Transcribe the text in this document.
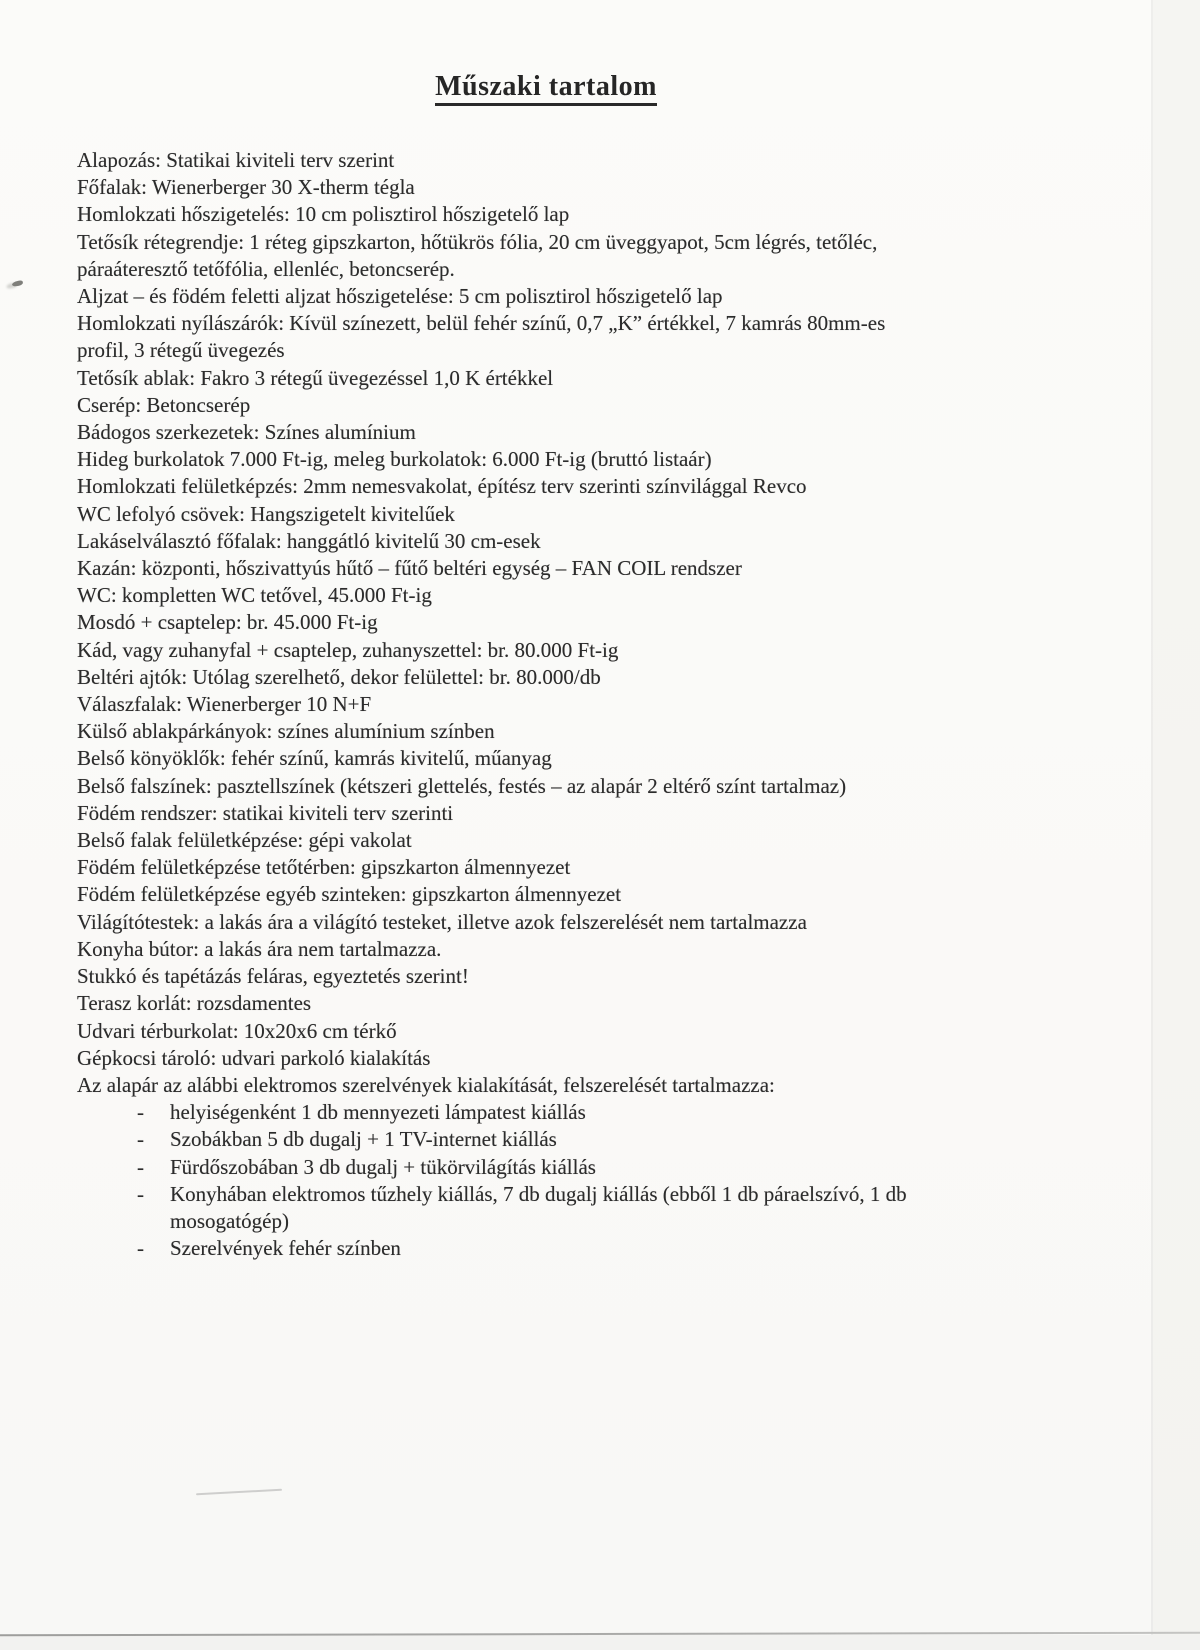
Műszaki tartalom
Alapozás: Statikai kiviteli terv szerint
Főfalak: Wienerberger 30 X-therm tégla
Homlokzati hőszigetelés: 10 cm polisztirol hőszigetelő lap
Tetősík rétegrendje: 1 réteg gipszkarton, hőtükrös fólia, 20 cm üveggyapot, 5cm légrés, tetőléc,
páraáteresztő tetőfólia, ellenléc, betoncserép.
Aljzat – és födém feletti aljzat hőszigetelése: 5 cm polisztirol hőszigetelő lap
Homlokzati nyílászárók: Kívül színezett, belül fehér színű, 0,7 „K” értékkel, 7 kamrás 80mm-es
profil, 3 rétegű üvegezés
Tetősík ablak: Fakro 3 rétegű üvegezéssel 1,0 K értékkel
Cserép: Betoncserép
Bádogos szerkezetek: Színes alumínium
Hideg burkolatok 7.000 Ft-ig, meleg burkolatok: 6.000 Ft-ig (bruttó listaár)
Homlokzati felületképzés: 2mm nemesvakolat, építész terv szerinti színvilággal Revco
WC lefolyó csövek: Hangszigetelt kivitelűek
Lakáselválasztó főfalak: hanggátló kivitelű 30 cm-esek
Kazán: központi, hőszivattyús hűtő – fűtő beltéri egység – FAN COIL rendszer
WC: kompletten WC tetővel, 45.000 Ft-ig
Mosdó + csaptelep: br. 45.000 Ft-ig
Kád, vagy zuhanyfal + csaptelep, zuhanyszettel: br. 80.000 Ft-ig
Beltéri ajtók: Utólag szerelhető, dekor felülettel: br. 80.000/db
Válaszfalak: Wienerberger 10 N+F
Külső ablakpárkányok: színes alumínium színben
Belső könyöklők: fehér színű, kamrás kivitelű, műanyag
Belső falszínek: pasztellszínek (kétszeri glettelés, festés – az alapár 2 eltérő színt tartalmaz)
Födém rendszer: statikai kiviteli terv szerinti
Belső falak felületképzése: gépi vakolat
Födém felületképzése tetőtérben: gipszkarton álmennyezet
Födém felületképzése egyéb szinteken: gipszkarton álmennyezet
Világítótestek: a lakás ára a világító testeket, illetve azok felszerelését nem tartalmazza
Konyha bútor: a lakás ára nem tartalmazza.
Stukkó és tapétázás feláras, egyeztetés szerint!
Terasz korlát: rozsdamentes
Udvari térburkolat: 10x20x6 cm térkő
Gépkocsi tároló: udvari parkoló kialakítás
Az alapár az alábbi elektromos szerelvények kialakítását, felszerelését tartalmazza:
- helyiségenként 1 db mennyezeti lámpatest kiállás
- Szobákban 5 db dugalj + 1 TV-internet kiállás
- Fürdőszobában 3 db dugalj + tükörvilágítás kiállás
- Konyhában elektromos tűzhely kiállás, 7 db dugalj kiállás (ebből 1 db páraelszívó, 1 db
mosogatógép)
- Szerelvények fehér színben
